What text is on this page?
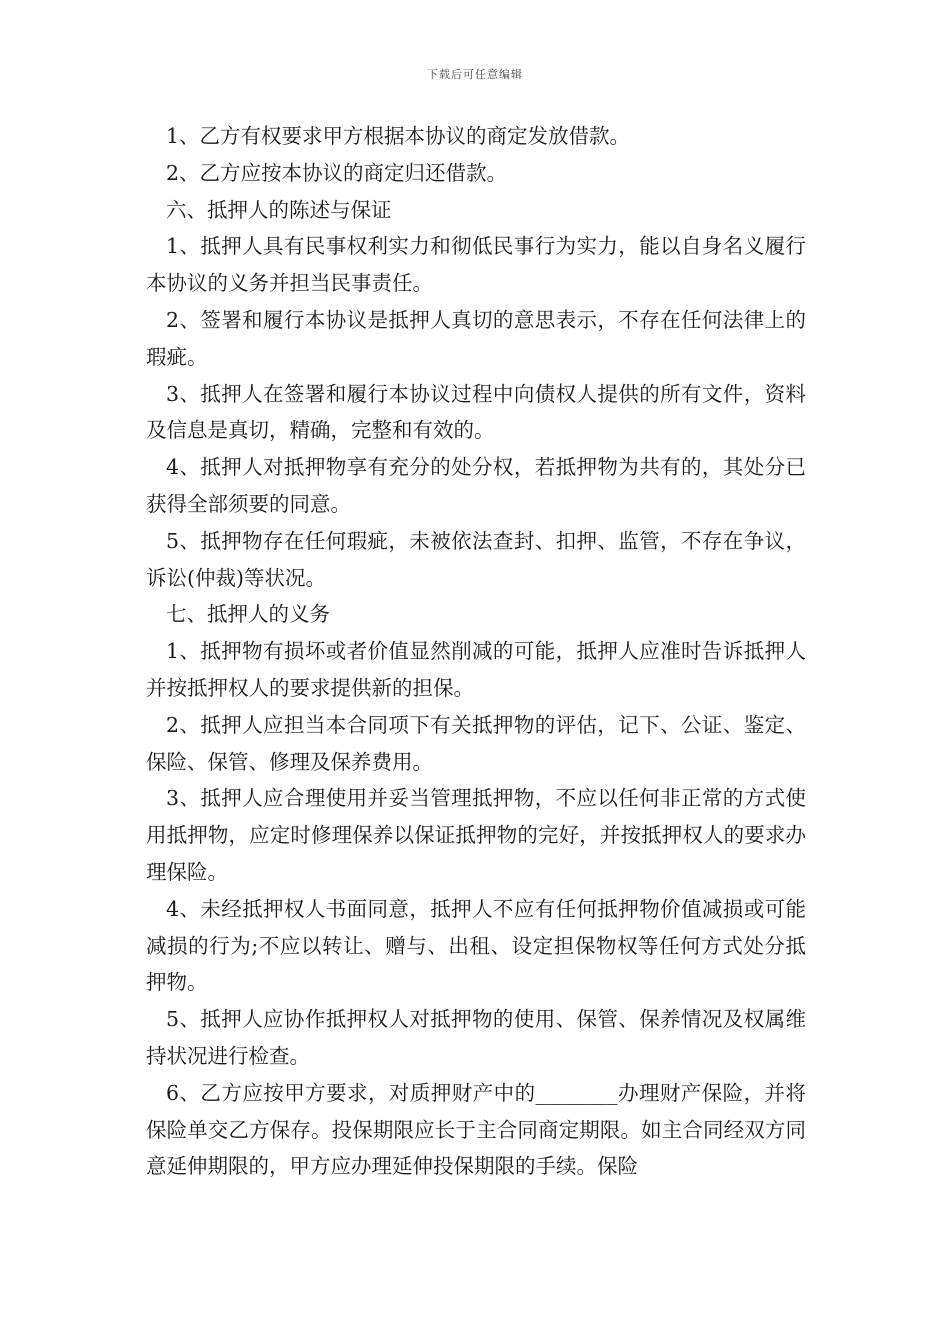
下载后可任意编辑

1、乙方有权要求甲方根据本协议的商定发放借款。

2、乙方应按本协议的商定归还借款。

六、抵押人的陈述与保证

1、抵押人具有民事权利实力和彻低民事行为实力，能以自身名义履行本协议的义务并担当民事责任。

2、签署和履行本协议是抵押人真切的意思表示，不存在任何法律上的瑕疵。

3、抵押人在签署和履行本协议过程中向债权人提供的所有文件，资料及信息是真切，精确，完整和有效的。

4、抵押人对抵押物享有充分的处分权，若抵押物为共有的，其处分已获得全部须要的同意。

5、抵押物存在任何瑕疵，未被依法查封、扣押、监管，不存在争议，诉讼(仲裁)等状况。

七、抵押人的义务

1、抵押物有损坏或者价值显然削减的可能，抵押人应准时告诉抵押人并按抵押权人的要求提供新的担保。

2、抵押人应担当本合同项下有关抵押物的评估，记下、公证、鉴定、保险、保管、修理及保养费用。

3、抵押人应合理使用并妥当管理抵押物，不应以任何非正常的方式使用抵押物，应定时修理保养以保证抵押物的完好，并按抵押权人的要求办理保险。

4、未经抵押权人书面同意，抵押人不应有任何抵押物价值减损或可能减损的行为;不应以转让、赠与、出租、设定担保物权等任何方式处分抵押物。

5、抵押人应协作抵押权人对抵押物的使用、保管、保养情况及权属维持状况进行检查。

6、乙方应按甲方要求，对质押财产中的________办理财产保险，并将保险单交乙方保存。投保期限应长于主合同商定期限。如主合同经双方同意延伸期限的，甲方应办理延伸投保期限的手续。保险
